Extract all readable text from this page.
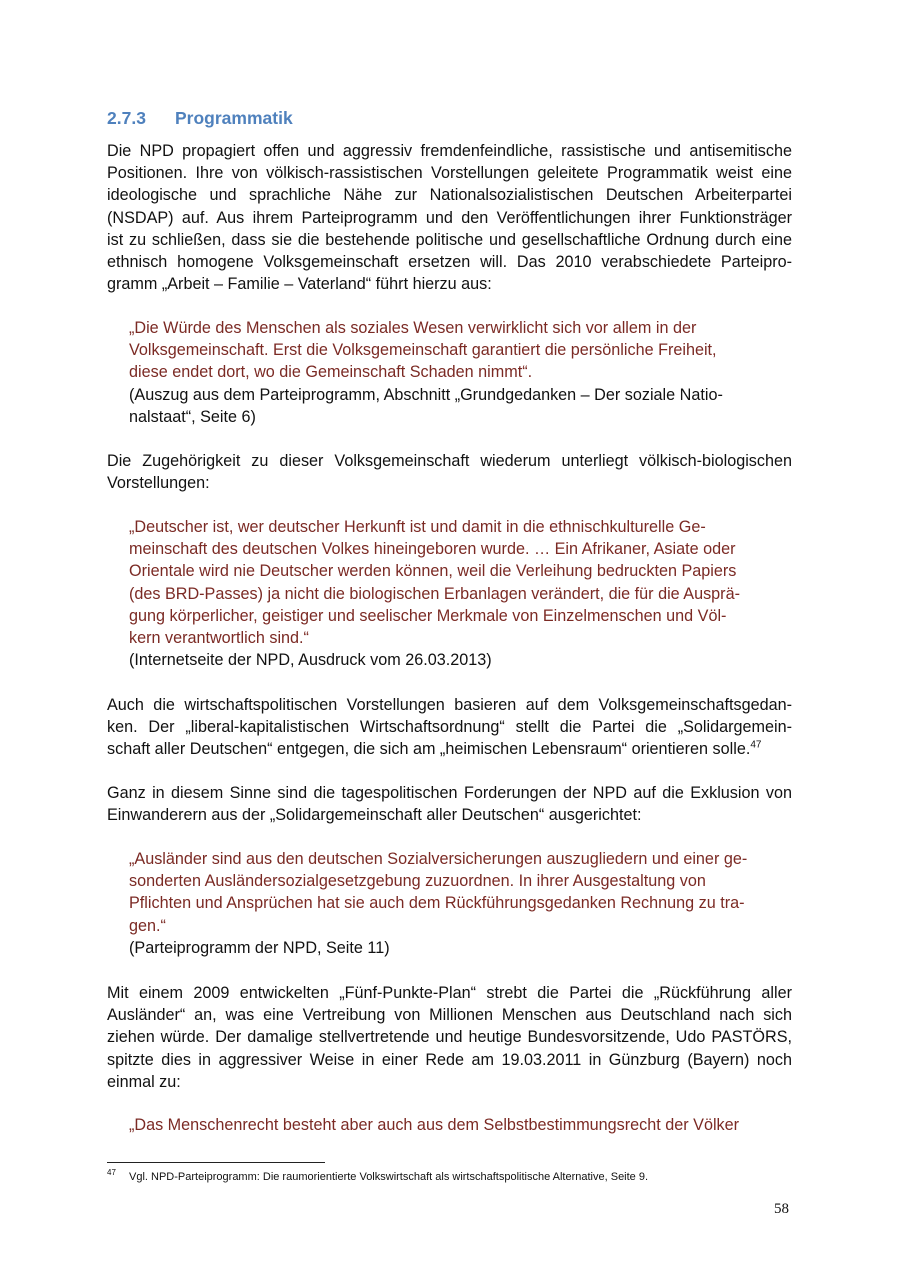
2.7.3 Programmatik
Die NPD propagiert offen und aggressiv fremdenfeindliche, rassistische und antisemitische
Positionen. Ihre von völkisch-rassistischen Vorstellungen geleitete Programmatik weist eine
ideologische und sprachliche Nähe zur Nationalsozialistischen Deutschen Arbeiterpartei
(NSDAP) auf. Aus ihrem Parteiprogramm und den Veröffentlichungen ihrer Funktionsträger
ist zu schließen, dass sie die bestehende politische und gesellschaftliche Ordnung durch eine
ethnisch homogene Volksgemeinschaft ersetzen will. Das 2010 verabschiedete Parteipro-
gramm „Arbeit – Familie – Vaterland“ führt hierzu aus:
„Die Würde des Menschen als soziales Wesen verwirklicht sich vor allem in der
Volksgemeinschaft. Erst die Volksgemeinschaft garantiert die persönliche Freiheit,
diese endet dort, wo die Gemeinschaft Schaden nimmt“.
(Auszug aus dem Parteiprogramm, Abschnitt „Grundgedanken – Der soziale Natio-
nalstaat“, Seite 6)
Die Zugehörigkeit zu dieser Volksgemeinschaft wiederum unterliegt völkisch-biologischen
Vorstellungen:
„Deutscher ist, wer deutscher Herkunft ist und damit in die ethnischkulturelle Ge-
meinschaft des deutschen Volkes hineingeboren wurde. … Ein Afrikaner, Asiate oder
Orientale wird nie Deutscher werden können, weil die Verleihung bedruckten Papiers
(des BRD-Passes) ja nicht die biologischen Erbanlagen verändert, die für die Ausprä-
gung körperlicher, geistiger und seelischer Merkmale von Einzelmenschen und Völ-
kern verantwortlich sind.“
(Internetseite der NPD, Ausdruck vom 26.03.2013)
Auch die wirtschaftspolitischen Vorstellungen basieren auf dem Volksgemeinschaftsgedan-
ken. Der „liberal-kapitalistischen Wirtschaftsordnung“ stellt die Partei die „Solidargemein-
schaft aller Deutschen“ entgegen, die sich am „heimischen Lebensraum“ orientieren solle.$^{47}$
Ganz in diesem Sinne sind die tagespolitischen Forderungen der NPD auf die Exklusion von
Einwanderern aus der „Solidargemeinschaft aller Deutschen“ ausgerichtet:
„Ausländer sind aus den deutschen Sozialversicherungen auszugliedern und einer ge-
sonderten Ausländersozialgesetzgebung zuzuordnen. In ihrer Ausgestaltung von
Pflichten und Ansprüchen hat sie auch dem Rückführungsgedanken Rechnung zu tra-
gen.“
(Parteiprogramm der NPD, Seite 11)
Mit einem 2009 entwickelten „Fünf-Punkte-Plan“ strebt die Partei die „Rückführung aller
Ausländer“ an, was eine Vertreibung von Millionen Menschen aus Deutschland nach sich
ziehen würde. Der damalige stellvertretende und heutige Bundesvorsitzende, Udo PASTÖRS,
spitzte dies in aggressiver Weise in einer Rede am 19.03.2011 in Günzburg (Bayern) noch
einmal zu:
„Das Menschenrecht besteht aber auch aus dem Selbstbestimmungsrecht der Völker
47 Vgl. NPD-Parteiprogramm: Die raumorientierte Volkswirtschaft als wirtschaftspolitische Alternative, Seite 9.
58
